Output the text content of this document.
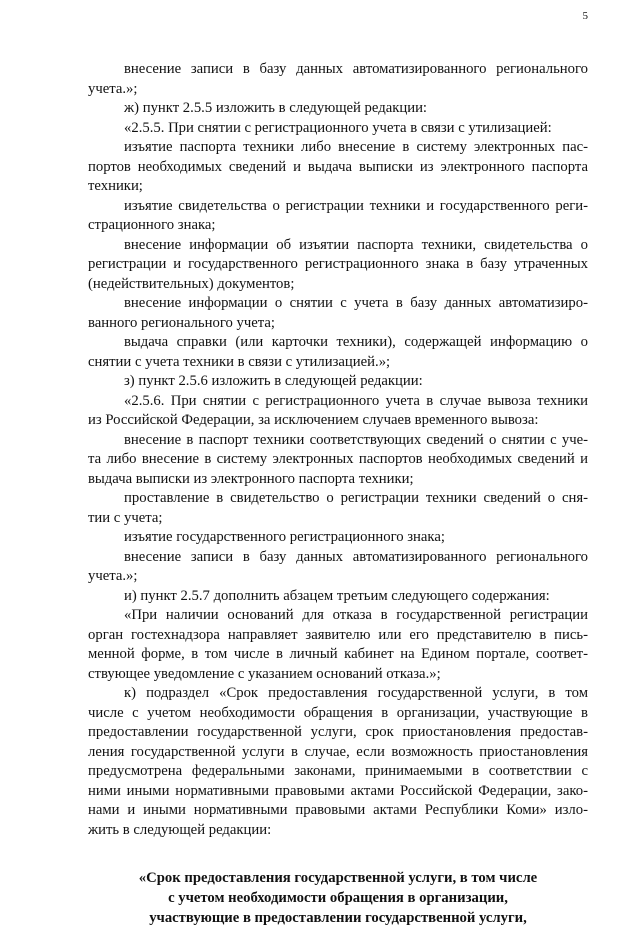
5
внесение записи в базу данных автоматизированного регионального
учета.»;
ж) пункт 2.5.5 изложить в следующей редакции:
«2.5.5. При снятии с регистрационного учета в связи с утилизацией:
изъятие паспорта техники либо внесение в систему электронных пас-
портов необходимых сведений и выдача выписки из электронного паспорта
техники;
изъятие свидетельства о регистрации техники и государственного реги-
страционного знака;
внесение информации об изъятии паспорта техники, свидетельства о
регистрации и государственного регистрационного знака в базу утраченных
(недействительных) документов;
внесение информации о снятии с учета в базу данных автоматизиро-
ванного регионального учета;
выдача справки (или карточки техники), содержащей информацию о
снятии с учета техники в связи с утилизацией.»;
з) пункт 2.5.6 изложить в следующей редакции:
«2.5.6. При снятии с регистрационного учета в случае вывоза техники
из Российской Федерации, за исключением случаев временного вывоза:
внесение в паспорт техники соответствующих сведений о снятии с уче-
та либо внесение в систему электронных паспортов необходимых сведений и
выдача выписки из электронного паспорта техники;
проставление в свидетельство о регистрации техники сведений о сня-
тии с учета;
изъятие государственного регистрационного знака;
внесение записи в базу данных автоматизированного регионального
учета.»;
и) пункт 2.5.7 дополнить абзацем третьим следующего содержания:
«При наличии оснований для отказа в государственной регистрации
орган гостехнадзора направляет заявителю или его представителю в пись-
менной форме, в том числе в личный кабинет на Едином портале, соответ-
ствующее уведомление с указанием оснований отказа.»;
к) подраздел «Срок предоставления государственной услуги, в том
числе с учетом необходимости обращения в организации, участвующие в
предоставлении государственной услуги, срок приостановления предостав-
ления государственной услуги в случае, если возможность приостановления
предусмотрена федеральными законами, принимаемыми в соответствии с
ними иными нормативными правовыми актами Российской Федерации, зако-
нами и иными нормативными правовыми актами Республики Коми» изло-
жить в следующей редакции:
«Срок предоставления государственной услуги, в том числе
с учетом необходимости обращения в организации,
участвующие в предоставлении государственной услуги,
